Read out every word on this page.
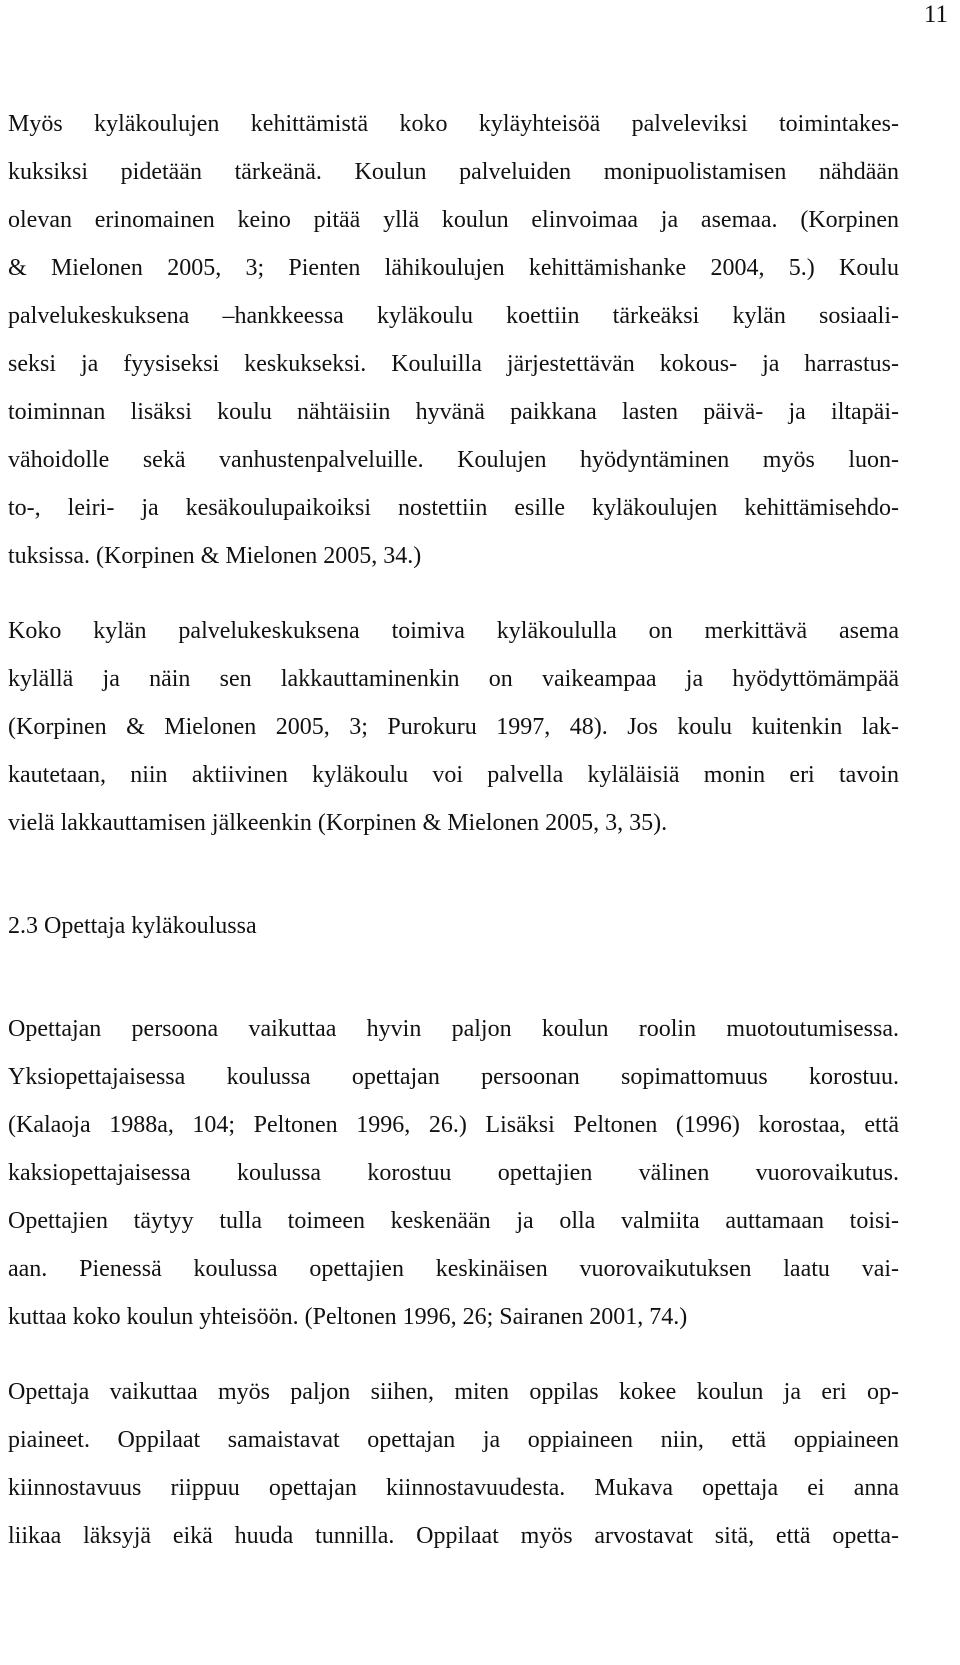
11
Myös kyläkoulujen kehittämistä koko kyläyhteisöä palveleviksi toimintakes-
kuksiksi pidetään tärkeänä. Koulun palveluiden monipuolistamisen nähdään
olevan erinomainen keino pitää yllä koulun elinvoimaa ja asemaa. (Korpinen
& Mielonen 2005, 3; Pienten lähikoulujen kehittämishanke 2004, 5.) Koulu
palvelukeskuksena –hankkeessa kyläkoulu koettiin tärkeäksi kylän sosiaali-
seksi ja fyysiseksi keskukseksi. Kouluilla järjestettävän kokous- ja harrastus-
toiminnan lisäksi koulu nähtäisiin hyvänä paikkana lasten päivä- ja iltapäi-
vähoidolle sekä vanhustenpalveluille. Koulujen hyödyntäminen myös luon-
to-, leiri- ja kesäkoulupaikoiksi nostettiin esille kyläkoulujen kehittämisehdo-
tuksissa. (Korpinen & Mielonen 2005, 34.)
Koko kylän palvelukeskuksena toimiva kyläkoululla on merkittävä asema
kylällä ja näin sen lakkauttaminenkin on vaikeampaa ja hyödyttömämpää
(Korpinen & Mielonen 2005, 3; Purokuru 1997, 48). Jos koulu kuitenkin lak-
kautetaan, niin aktiivinen kyläkoulu voi palvella kyläläisiä monin eri tavoin
vielä lakkauttamisen jälkeenkin (Korpinen & Mielonen 2005, 3, 35).
2.3 Opettaja kyläkoulussa
Opettajan persoona vaikuttaa hyvin paljon koulun roolin muotoutumisessa.
Yksiopettajaisessa koulussa opettajan persoonan sopimattomuus korostuu.
(Kalaoja 1988a, 104; Peltonen 1996, 26.) Lisäksi Peltonen (1996) korostaa, että
kaksiopettajaisessa koulussa korostuu opettajien välinen vuorovaikutus.
Opettajien täytyy tulla toimeen keskenään ja olla valmiita auttamaan toisi-
aan. Pienessä koulussa opettajien keskinäisen vuorovaikutuksen laatu vai-
kuttaa koko koulun yhteisöön. (Peltonen 1996, 26; Sairanen 2001, 74.)
Opettaja vaikuttaa myös paljon siihen, miten oppilas kokee koulun ja eri op-
piaineet. Oppilaat samaistavat opettajan ja oppiaineen niin, että oppiaineen
kiinnostavuus riippuu opettajan kiinnostavuudesta. Mukava opettaja ei anna
liikaa läksyjä eikä huuda tunnilla. Oppilaat myös arvostavat sitä, että opetta-
